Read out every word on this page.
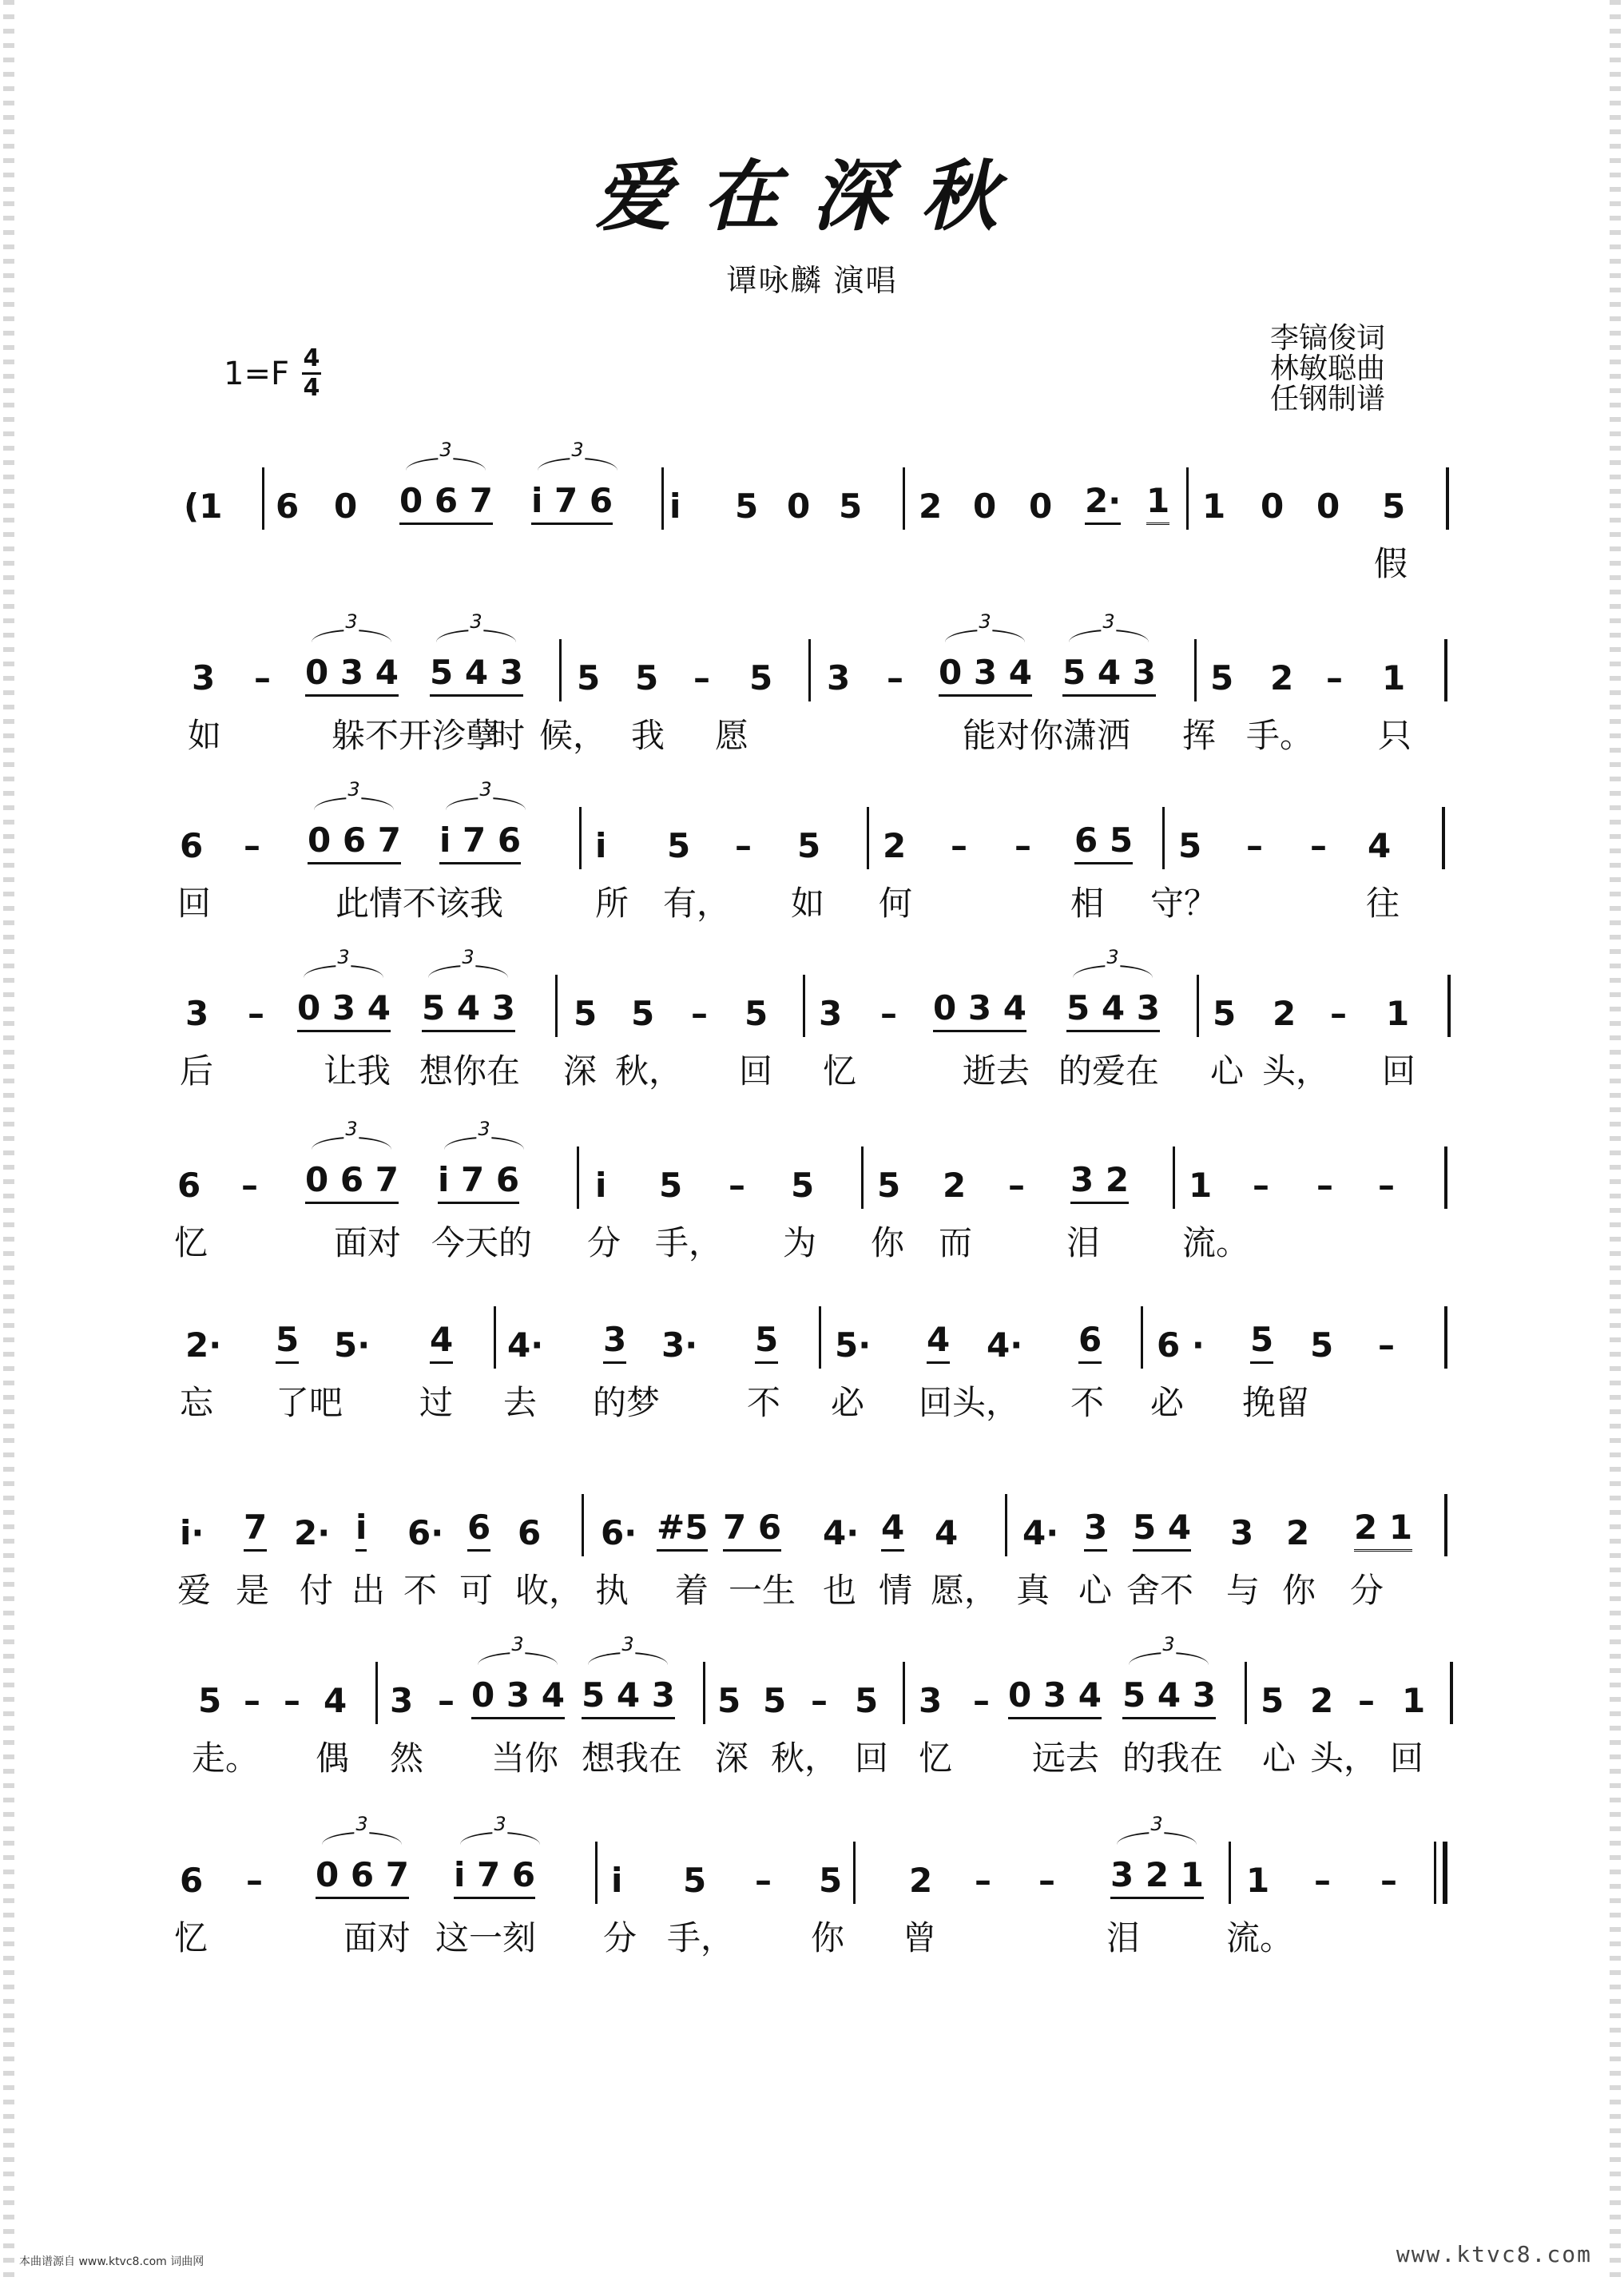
爱在深秋
谭咏麟 演唱
1=F 4
4
李镐俊词
林敏聪曲
任钢制谱
(1 6 0 0 6 7
3
i 7 6
3
i 5 0 5 2 0 0 2· 1 1 0 0 5
假
3 – 0 3 4
3
5 4 3
3
5 5 – 5 3 – 0 3 4
3
5 4 3
3
5 2 – 1
如	躲不开沴孽
时 候， 我 愿	能对你潇洒 挥 手。 只
6 – 0 6 7
3
i 7 6
3
i 5 – 5 2 – – 6 5 5 – – 4
回	此情不该我	所 有， 如 何	相 守？	往
3 – 0 3 4
3
5 4 3
3
5 5 – 5 3 – 0 3 4 5 4 3
3
5 2 – 1
后	让我 想你在 深 秋， 回 忆	逝去 的爱在 心 头， 回
6 – 0 6 7
3
i 7 6
3
i 5 – 5 5 2 – 3 2 1 – – –
忆	面对 今天的 分 手， 为 你 而	泪 流。
2· 5 5· 4 4· 3 3· 5 5· 4 4· 6 6 · 5 5 –
忘 了吧 过 去 的梦	不 必 回头， 不 必 挽留
i· 7 2· i 6· 6 6 6· #5 7 6 4· 4 4 4· 3 5 4 3 2 2 1
爱 是 付 出 不 可 收， 执 着 一生 也 情 愿， 真 心 舍不 与 你 分
5 – – 4 3 – 0 3 4
3
5 4 3
3
5 5 – 5 3 – 0 3 4 5 4 3
3
5 2 – 1
走。 偶 然 当你 想我在 深 秋， 回 忆 远去 的我在 心 头， 回
6 – 0 6 7
3
i 7 6
3
i 5 – 5 2 – – 3 2 1
3
1 – –
忆	面对 这一刻 分 手， 你 曾	泪	流。
本曲谱源自 www.ktvc8.com 词曲网	www.ktvc8.com
